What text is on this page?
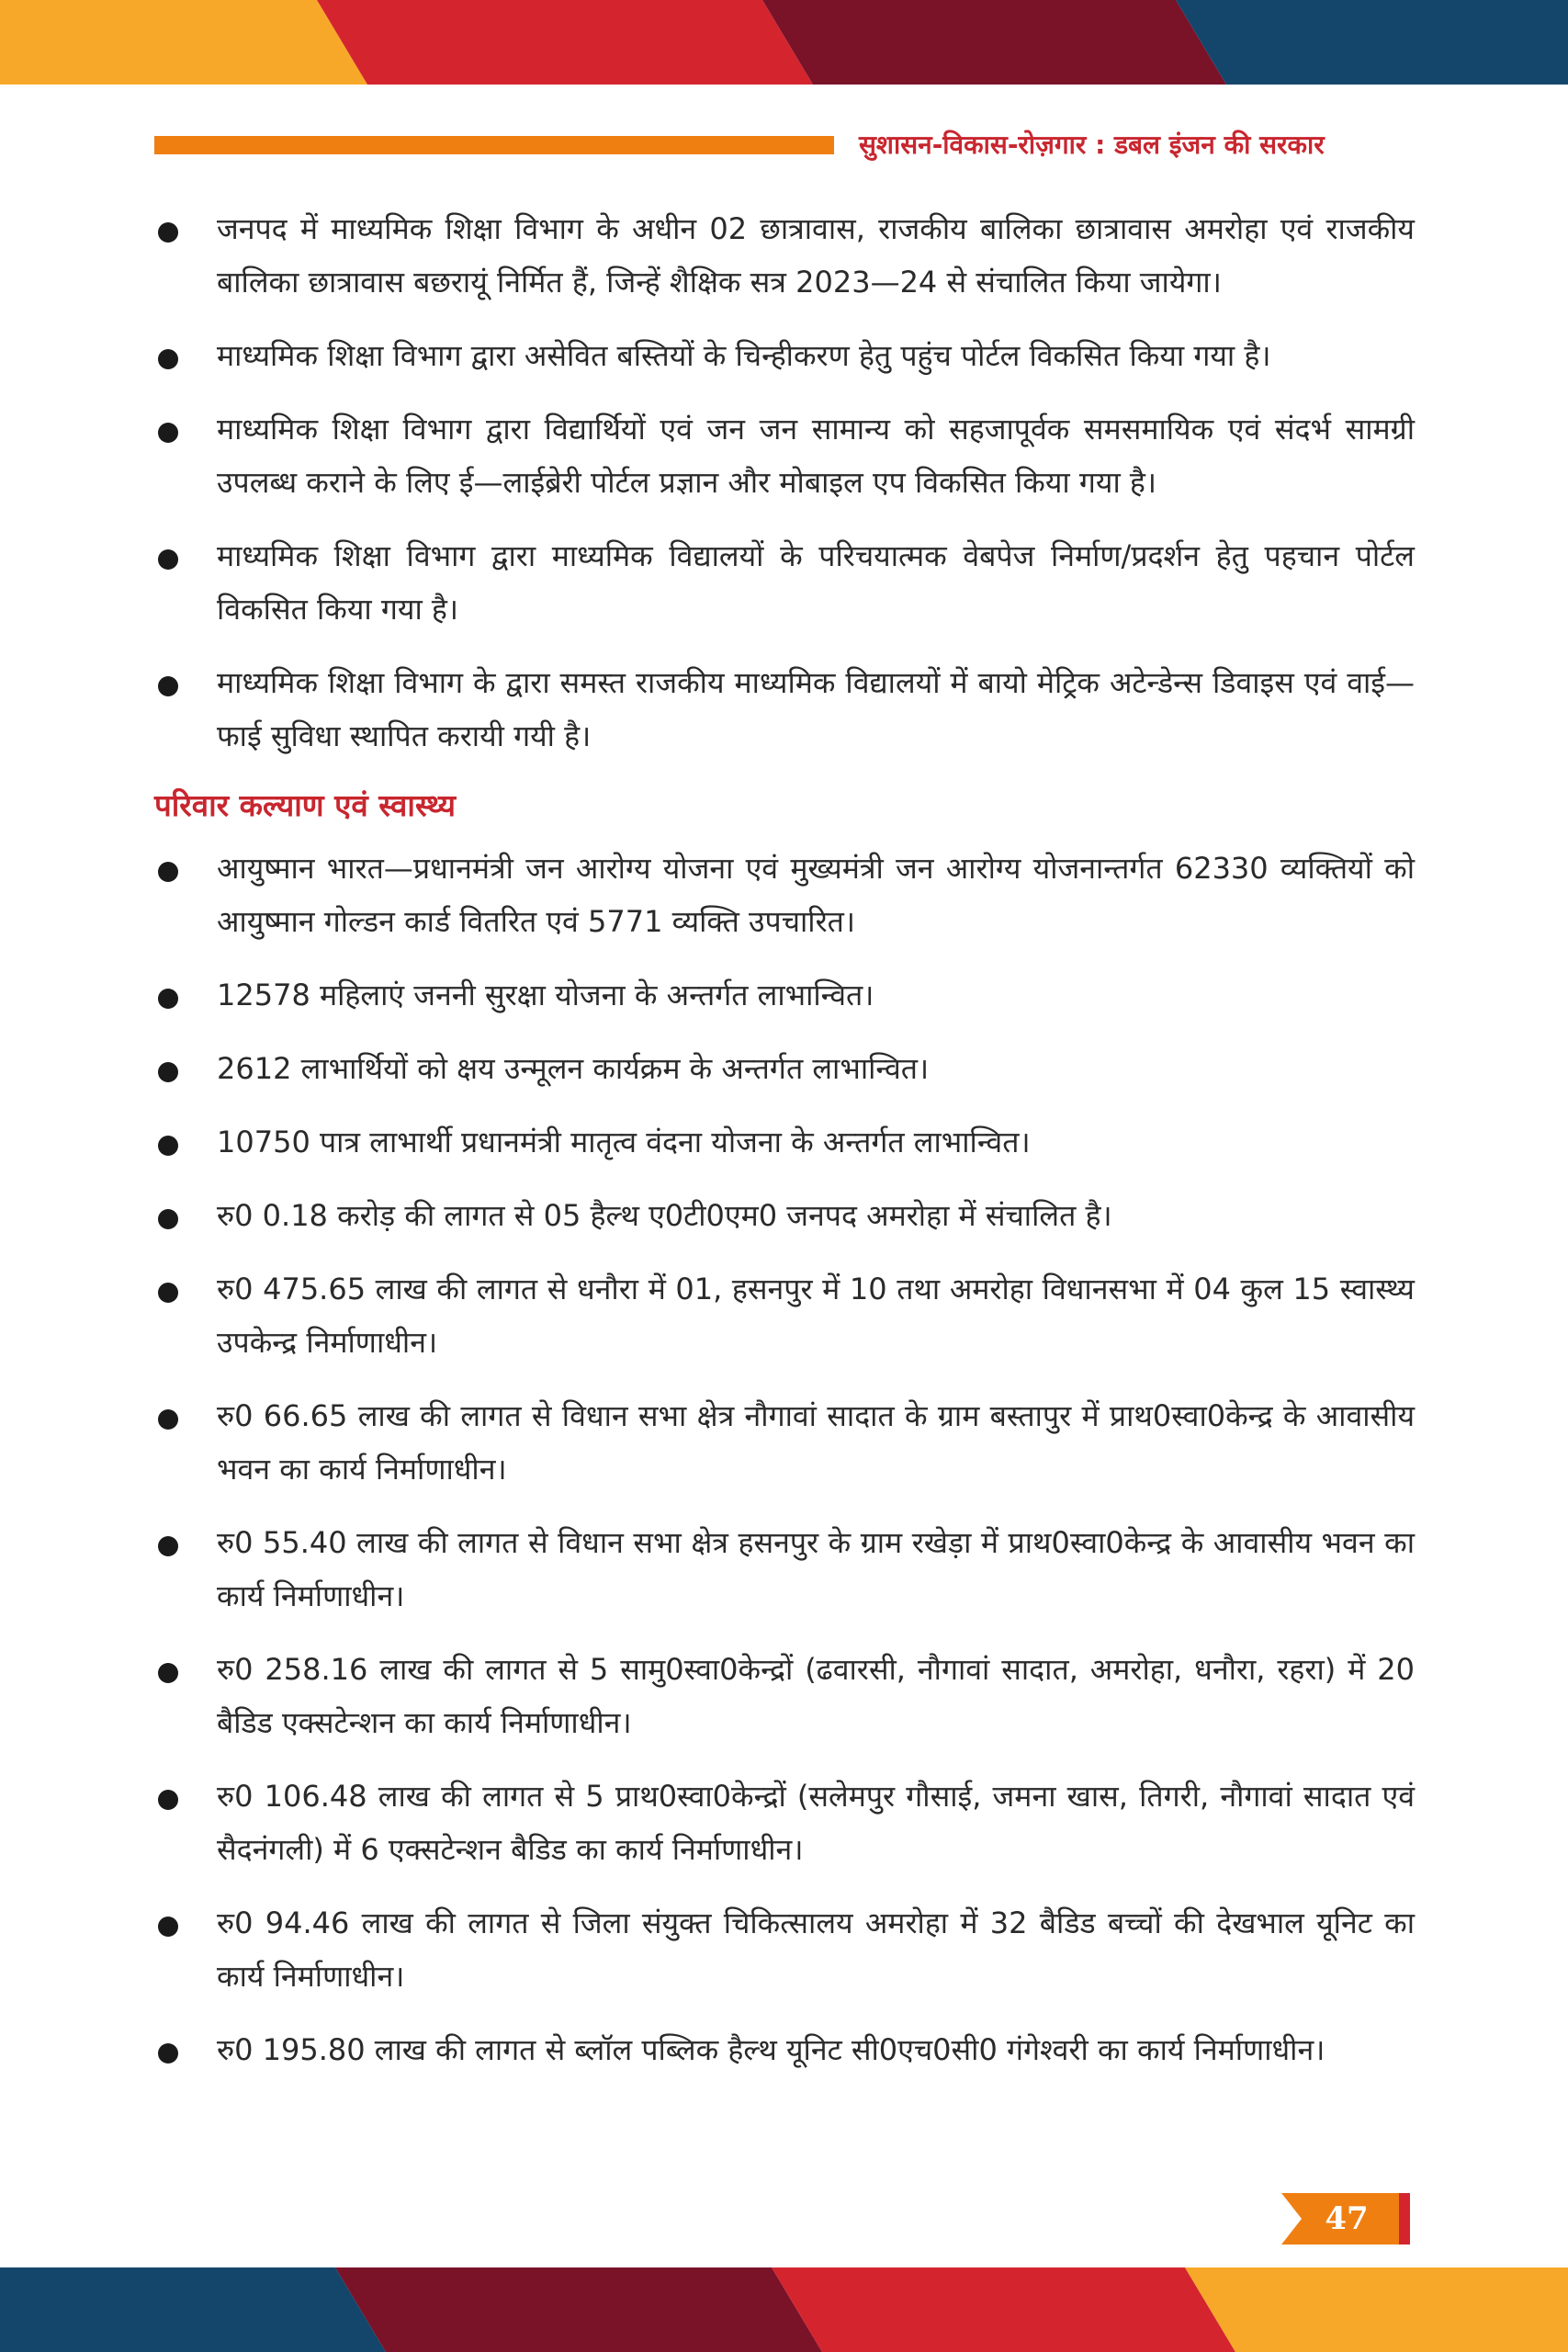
सुशासन-विकास-रोज़गार : डबल इंजन की सरकार
जनपद में माध्यमिक शिक्षा विभाग के अधीन 02 छात्रावास, राजकीय बालिका छात्रावास अमरोहा एवं राजकीय बालिका छात्रावास बछरायूं निर्मित हैं, जिन्हें शैक्षिक सत्र 2023—24 से संचालित किया जायेगा।
माध्यमिक शिक्षा विभाग द्वारा असेवित बस्तियों के चिन्हीकरण हेतु पहुंच पोर्टल विकसित किया गया है।
माध्यमिक शिक्षा विभाग द्वारा विद्यार्थियों एवं जन जन सामान्य को सहजापूर्वक समसमायिक एवं संदर्भ सामग्री उपलब्ध कराने के लिए ई—लाईब्रेरी पोर्टल प्रज्ञान और मोबाइल एप विकसित किया गया है।
माध्यमिक शिक्षा विभाग द्वारा माध्यमिक विद्यालयों के परिचयात्मक वेबपेज निर्माण/प्रदर्शन हेतु पहचान पोर्टल विकसित किया गया है।
माध्यमिक शिक्षा विभाग के द्वारा समस्त राजकीय माध्यमिक विद्यालयों में बायो मेट्रिक अटेन्डेन्स डिवाइस एवं वाई—फाई सुविधा स्थापित करायी गयी है।
परिवार कल्याण एवं स्वास्थ्य
आयुष्मान भारत—प्रधानमंत्री जन आरोग्य योजना एवं मुख्यमंत्री जन आरोग्य योजनान्तर्गत 62330 व्यक्तियों को आयुष्मान गोल्डन कार्ड वितरित एवं 5771 व्यक्ति उपचारित।
12578 महिलाएं जननी सुरक्षा योजना के अन्तर्गत लाभान्वित।
2612 लाभार्थियों को क्षय उन्मूलन कार्यक्रम के अन्तर्गत लाभान्वित।
10750 पात्र लाभार्थी प्रधानमंत्री मातृत्व वंदना योजना के अन्तर्गत लाभान्वित।
रु0 0.18 करोड़ की लागत से 05 हैल्थ ए0टी0एम0 जनपद अमरोहा में संचालित है।
रु0 475.65 लाख की लागत से धनौरा में 01, हसनपुर में 10 तथा अमरोहा विधानसभा में 04 कुल 15 स्वास्थ्य उपकेन्द्र निर्माणाधीन।
रु0 66.65 लाख की लागत से विधान सभा क्षेत्र नौगावां सादात के ग्राम बस्तापुर में प्राथ0स्वा0केन्द्र के आवासीय भवन का कार्य निर्माणाधीन।
रु0 55.40 लाख की लागत से विधान सभा क्षेत्र हसनपुर के ग्राम रखेड़ा में प्राथ0स्वा0केन्द्र के आवासीय भवन का कार्य निर्माणाधीन।
रु0 258.16 लाख की लागत से 5 सामु0स्वा0केन्द्रों (ढवारसी, नौगावां सादात, अमरोहा, धनौरा, रहरा) में 20 बैडिड एक्सटेन्शन का कार्य निर्माणाधीन।
रु0 106.48 लाख की लागत से 5 प्राथ0स्वा0केन्द्रों (सलेमपुर गौसाई, जमना खास, तिगरी, नौगावां सादात एवं सैदनंगली) में 6 एक्सटेन्शन बैडिड का कार्य निर्माणाधीन।
रु0 94.46 लाख की लागत से जिला संयुक्त चिकित्सालय अमरोहा में 32 बैडिड बच्चों की देखभाल यूनिट का कार्य निर्माणाधीन।
रु0 195.80 लाख की लागत से ब्लॉल पब्लिक हैल्थ यूनिट सी0एच0सी0 गंगेश्वरी का कार्य निर्माणाधीन।
47
